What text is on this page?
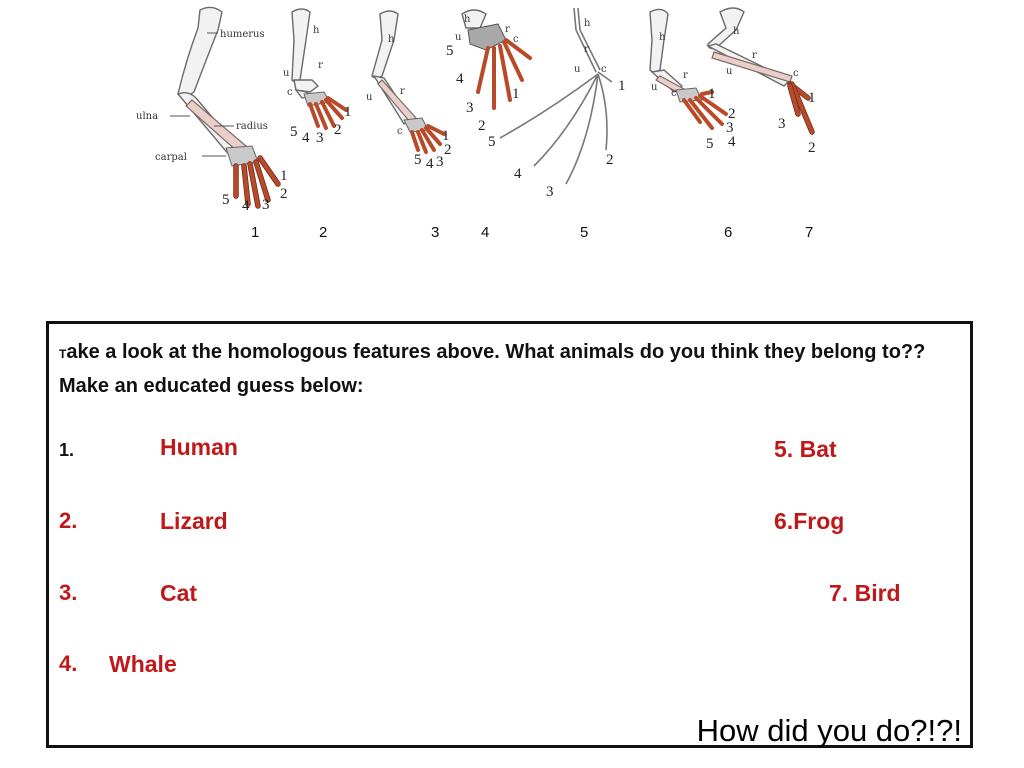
humerus
ulna
radius
carpal
1
2
3
4
5
h
r
u
c
1
2
3
4
5
h
u
r
c	1
2
3
4
5
h
u
r
c
5
4
3
2
1
h
r
u c
1
2
3
4
5
h
u
r
c 1
2
3
4
5
h
u
r
c
1
2
3
1	2	3	4	5	6	7
Take a look at the homologous features above. What animals do you think they belong to?? Make an educated guess below:
1.	Human
2.	Lizard
3.	Cat
4. Whale
5. Bat
6.Frog
7. Bird
How did you do?!?!
